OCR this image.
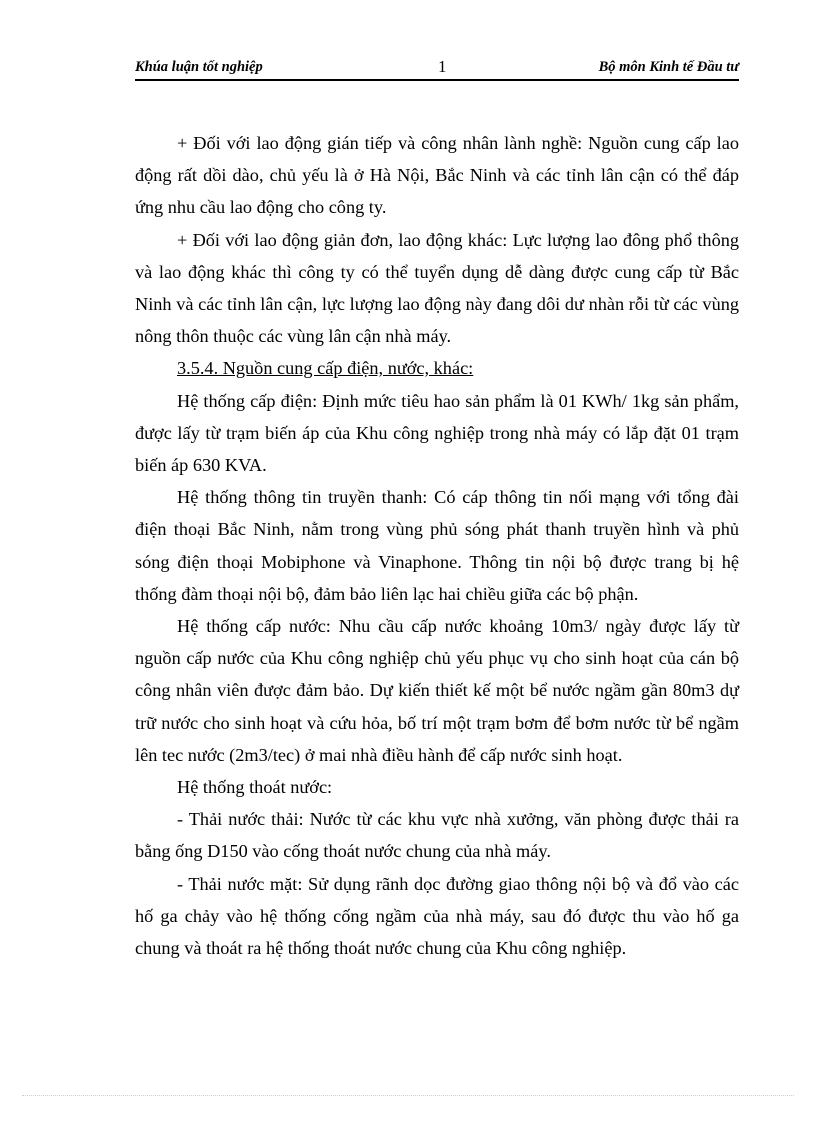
Khúa luận tốt nghiệp	1	Bộ môn Kinh tế Đầu tư

+ Đối với lao động gián tiếp và công nhân lành nghề: Nguồn cung cấp lao động rất dồi dào, chủ yếu là ở Hà Nội, Bắc Ninh và các tỉnh lân cận có thể đáp ứng nhu cầu lao động cho công ty.

+ Đối với lao động giản đơn, lao động khác: Lực lượng lao đông phổ thông và lao động khác thì công ty có thể tuyển dụng dễ dàng được cung cấp từ Bắc Ninh và các tỉnh lân cận, lực lượng lao động này đang dôi dư nhàn rỗi từ các vùng nông thôn thuộc các vùng lân cận nhà máy.

3.5.4. Nguồn cung cấp điện, nước, khác:

Hệ thống cấp điện: Định mức tiêu hao sản phẩm là 01 KWh/ 1kg sản phẩm, được lấy từ trạm biến áp của Khu công nghiệp trong nhà máy có lắp đặt 01 trạm biến áp 630 KVA.

Hệ thống thông tin truyền thanh: Có cáp thông tin nối mạng với tổng đài điện thoại Bắc Ninh, nằm trong vùng phủ sóng phát thanh truyền hình và phủ sóng điện thoại Mobiphone và Vinaphone. Thông tin nội bộ được trang bị hệ thống đàm thoại nội bộ, đảm bảo liên lạc hai chiều giữa các bộ phận.

Hệ thống cấp nước: Nhu cầu cấp nước khoảng 10m3/ ngày được lấy từ nguồn cấp nước của Khu công nghiệp chủ yếu phục vụ cho sinh hoạt của cán bộ công nhân viên được đảm bảo. Dự kiến thiết kế một bể nước ngầm gần 80m3 dự trữ nước cho sinh hoạt và cứu hỏa, bố trí một trạm bơm để bơm nước từ bể ngầm lên tec nước (2m3/tec) ở mai nhà điều hành để cấp nước sinh hoạt.

Hệ thống thoát nước:

- Thải nước thải: Nước từ các khu vực nhà xưởng, văn phòng được thải ra bằng ống D150 vào cống thoát nước chung của nhà máy.

- Thải nước mặt: Sử dụng rãnh dọc đường giao thông nội bộ và đổ vào các hố ga chảy vào hệ thống cống ngầm của nhà máy, sau đó được thu vào hố ga chung và thoát ra hệ thống thoát nước chung của Khu công nghiệp.
